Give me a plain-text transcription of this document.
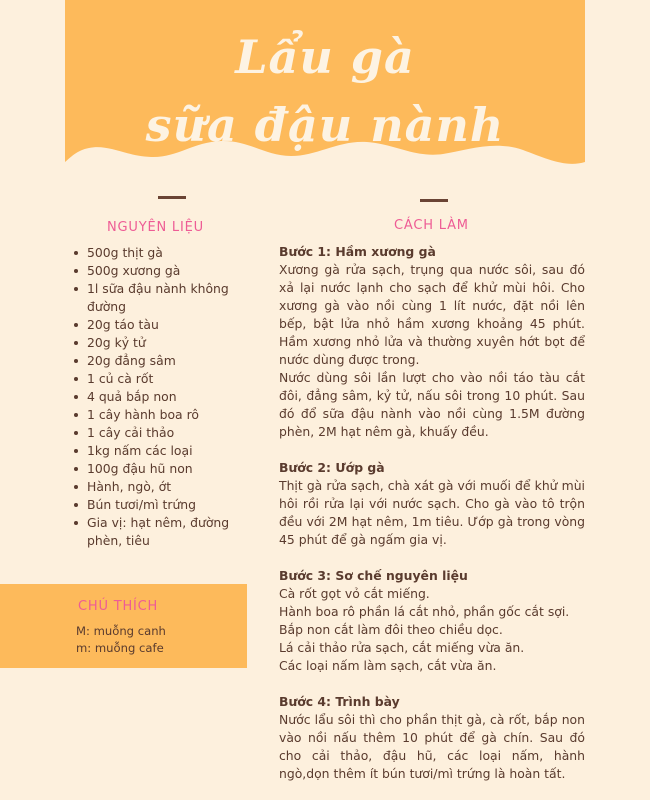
Lẩu gà
sữa đậu nành
NGUYÊN LIỆU
500g thịt gà
500g xương gà
1l sữa đậu nành không đường
20g táo tàu
20g kỷ tử
20g đẳng sâm
1 củ cà rốt
4 quả bắp non
1 cây hành boa rô
1 cây cải thảo
1kg nấm các loại
100g đậu hũ non
Hành, ngò, ớt
Bún tươi/mì trứng
Gia vị: hạt nêm, đường phèn, tiêu
CHÚ THÍCH
M: muỗng canh
m: muỗng cafe
CÁCH LÀM
Bước 1: Hầm xương gà
Xương gà rửa sạch, trụng qua nước sôi, sau đó xả lại nước lạnh cho sạch để khử mùi hôi. Cho xương gà vào nồi cùng 1 lít nước, đặt nồi lên bếp, bật lửa nhỏ hầm xương khoảng 45 phút. Hầm xương nhỏ lửa và thường xuyên hớt bọt để nước dùng được trong.
Nước dùng sôi lần lượt cho vào nồi táo tàu cắt đôi, đẳng sâm, kỷ tử, nấu sôi trong 10 phút. Sau đó đổ sữa đậu nành vào nồi cùng 1.5M đường phèn, 2M hạt nêm gà, khuấy đều.
Bước 2: Ướp gà
Thịt gà rửa sạch, chà xát gà với muối để khử mùi hôi rồi rửa lại với nước sạch. Cho gà vào tô trộn đều với 2M hạt nêm, 1m tiêu. Ướp gà trong vòng 45 phút để gà ngấm gia vị.
Bước 3: Sơ chế nguyên liệu
Cà rốt gọt vỏ cắt miếng.
Hành boa rô phần lá cắt nhỏ, phần gốc cắt sợi.
Bắp non cắt làm đôi theo chiều dọc.
Lá cải thảo rửa sạch, cắt miếng vừa ăn.
Các loại nấm làm sạch, cắt vừa ăn.
Bước 4: Trình bày
Nước lẩu sôi thì cho phần thịt gà, cà rốt, bắp non vào nồi nấu thêm 10 phút để gà chín. Sau đó cho cải thảo, đậu hũ, các loại nấm, hành ngò,dọn thêm ít bún tươi/mì trứng là hoàn tất.
